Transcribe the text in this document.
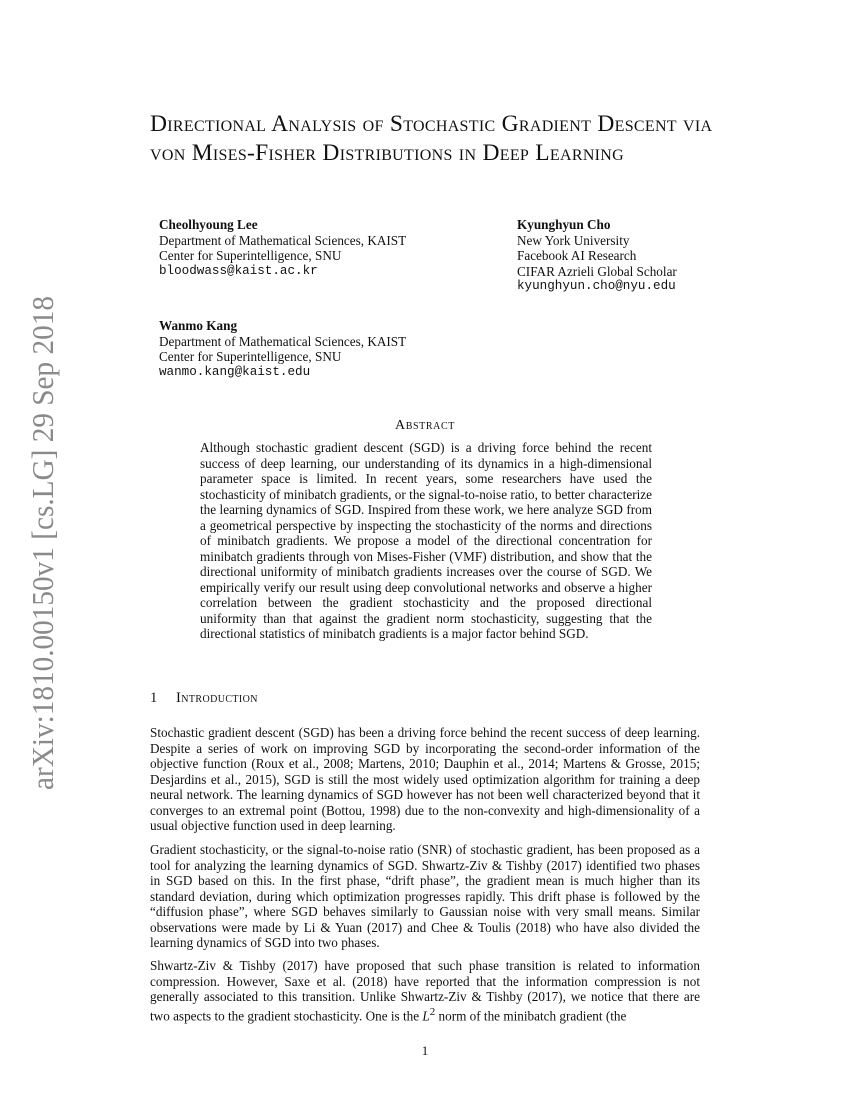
arXiv:1810.00150v1 [cs.LG] 29 Sep 2018
Directional Analysis of Stochastic Gradient Descent via von Mises-Fisher Distributions in Deep Learning
Cheolhyoung Lee
Department of Mathematical Sciences, KAIST
Center for Superintelligence, SNU
bloodwass@kaist.ac.kr
Kyunghyun Cho
New York University
Facebook AI Research
CIFAR Azrieli Global Scholar
kyunghyun.cho@nyu.edu
Wanmo Kang
Department of Mathematical Sciences, KAIST
Center for Superintelligence, SNU
wanmo.kang@kaist.edu
Abstract
Although stochastic gradient descent (SGD) is a driving force behind the recent success of deep learning, our understanding of its dynamics in a high-dimensional parameter space is limited. In recent years, some researchers have used the stochasticity of minibatch gradients, or the signal-to-noise ratio, to better characterize the learning dynamics of SGD. Inspired from these work, we here analyze SGD from a geometrical perspective by inspecting the stochasticity of the norms and directions of minibatch gradients. We propose a model of the directional concentration for minibatch gradients through von Mises-Fisher (VMF) distribution, and show that the directional uniformity of minibatch gradients increases over the course of SGD. We empirically verify our result using deep convolutional networks and observe a higher correlation between the gradient stochasticity and the proposed directional uniformity than that against the gradient norm stochasticity, suggesting that the directional statistics of minibatch gradients is a major factor behind SGD.
1 Introduction
Stochastic gradient descent (SGD) has been a driving force behind the recent success of deep learning. Despite a series of work on improving SGD by incorporating the second-order information of the objective function (Roux et al., 2008; Martens, 2010; Dauphin et al., 2014; Martens & Grosse, 2015; Desjardins et al., 2015), SGD is still the most widely used optimization algorithm for training a deep neural network. The learning dynamics of SGD however has not been well characterized beyond that it converges to an extremal point (Bottou, 1998) due to the non-convexity and high-dimensionality of a usual objective function used in deep learning.
Gradient stochasticity, or the signal-to-noise ratio (SNR) of stochastic gradient, has been proposed as a tool for analyzing the learning dynamics of SGD. Shwartz-Ziv & Tishby (2017) identified two phases in SGD based on this. In the first phase, “drift phase”, the gradient mean is much higher than its standard deviation, during which optimization progresses rapidly. This drift phase is followed by the “diffusion phase”, where SGD behaves similarly to Gaussian noise with very small means. Similar observations were made by Li & Yuan (2017) and Chee & Toulis (2018) who have also divided the learning dynamics of SGD into two phases.
Shwartz-Ziv & Tishby (2017) have proposed that such phase transition is related to information compression. However, Saxe et al. (2018) have reported that the information compression is not generally associated to this transition. Unlike Shwartz-Ziv & Tishby (2017), we notice that there are two aspects to the gradient stochasticity. One is the $L^2$ norm of the minibatch gradient (the
1
